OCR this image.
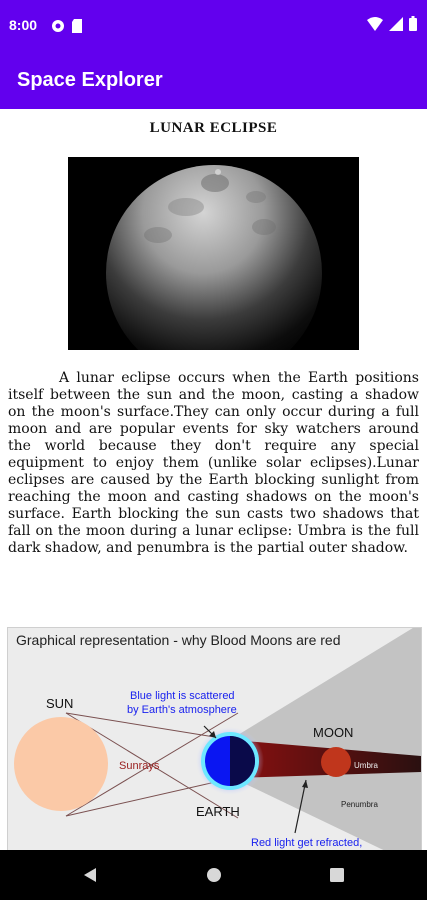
8:00
Space Explorer
LUNAR ECLIPSE

A lunar eclipse occurs when the Earth positions itself between the sun and the moon, casting a shadow on the moon's surface.They can only occur during a full moon and are popular events for sky watchers around the world because they don't require any special equipment to enjoy them (unlike solar eclipses).Lunar eclipses are caused by the Earth blocking sunlight from reaching the moon and casting shadows on the moon's surface. Earth blocking the sun casts two shadows that fall on the moon during a lunar eclipse: Umbra is the full dark shadow, and penumbra is the partial outer shadow.

SUN
Sunrays
EARTH
MOON
Umbra
Penumbra
Blue light is scattered
by Earth's atmosphere
Red light get refracted,
Graphical representation - why Blood Moons are red
